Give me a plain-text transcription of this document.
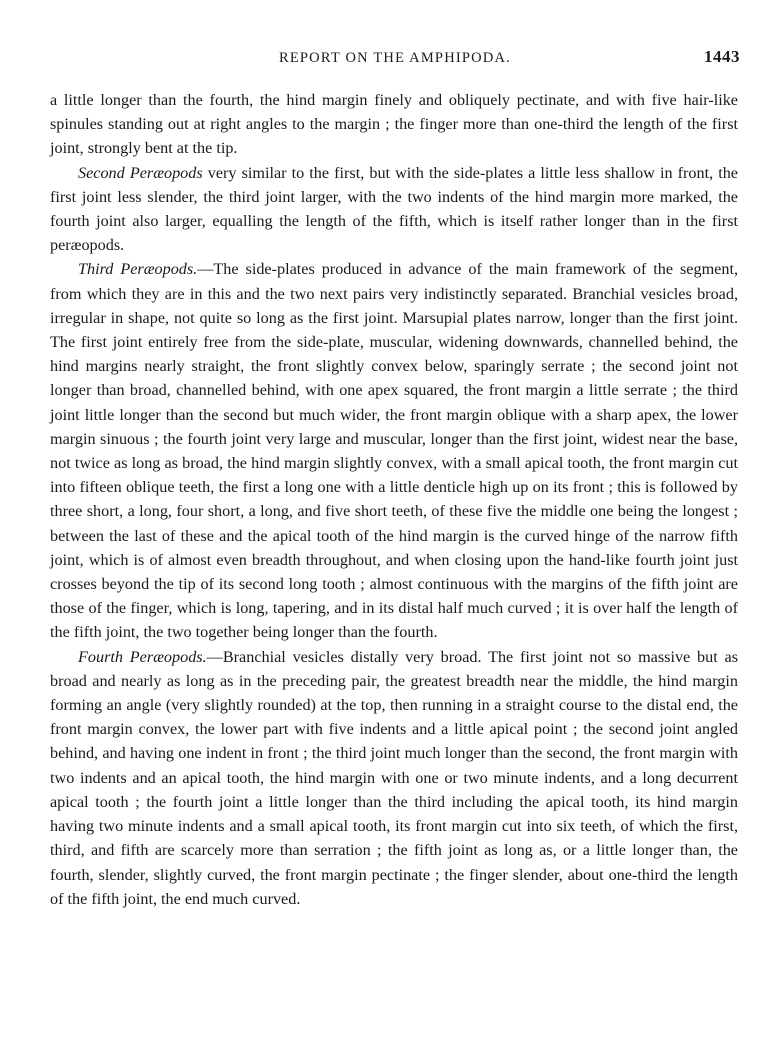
REPORT ON THE AMPHIPODA.	1443

a little longer than the fourth, the hind margin finely and obliquely pectinate, and with five hair-like spinules standing out at right angles to the margin ; the finger more than one-third the length of the first joint, strongly bent at the tip.

Second Peræopods very similar to the first, but with the side-plates a little less shallow in front, the first joint less slender, the third joint larger, with the two indents of the hind margin more marked, the fourth joint also larger, equalling the length of the fifth, which is itself rather longer than in the first peræopods.

Third Peræopods.—The side-plates produced in advance of the main framework of the segment, from which they are in this and the two next pairs very indistinctly separated. Branchial vesicles broad, irregular in shape, not quite so long as the first joint. Marsupial plates narrow, longer than the first joint. The first joint entirely free from the side-plate, muscular, widening downwards, channelled behind, the hind margins nearly straight, the front slightly convex below, sparingly serrate ; the second joint not longer than broad, channelled behind, with one apex squared, the front margin a little serrate ; the third joint little longer than the second but much wider, the front margin oblique with a sharp apex, the lower margin sinuous ; the fourth joint very large and muscular, longer than the first joint, widest near the base, not twice as long as broad, the hind margin slightly convex, with a small apical tooth, the front margin cut into fifteen oblique teeth, the first a long one with a little denticle high up on its front ; this is followed by three short, a long, four short, a long, and five short teeth, of these five the middle one being the longest ; between the last of these and the apical tooth of the hind margin is the curved hinge of the narrow fifth joint, which is of almost even breadth throughout, and when closing upon the hand-like fourth joint just crosses beyond the tip of its second long tooth ; almost continuous with the margins of the fifth joint are those of the finger, which is long, tapering, and in its distal half much curved ; it is over half the length of the fifth joint, the two together being longer than the fourth.

Fourth Peræopods.—Branchial vesicles distally very broad. The first joint not so massive but as broad and nearly as long as in the preceding pair, the greatest breadth near the middle, the hind margin forming an angle (very slightly rounded) at the top, then running in a straight course to the distal end, the front margin convex, the lower part with five indents and a little apical point ; the second joint angled behind, and having one indent in front ; the third joint much longer than the second, the front margin with two indents and an apical tooth, the hind margin with one or two minute indents, and a long decurrent apical tooth ; the fourth joint a little longer than the third including the apical tooth, its hind margin having two minute indents and a small apical tooth, its front margin cut into six teeth, of which the first, third, and fifth are scarcely more than serration ; the fifth joint as long as, or a little longer than, the fourth, slender, slightly curved, the front margin pectinate ; the finger slender, about one-third the length of the fifth joint, the end much curved.
